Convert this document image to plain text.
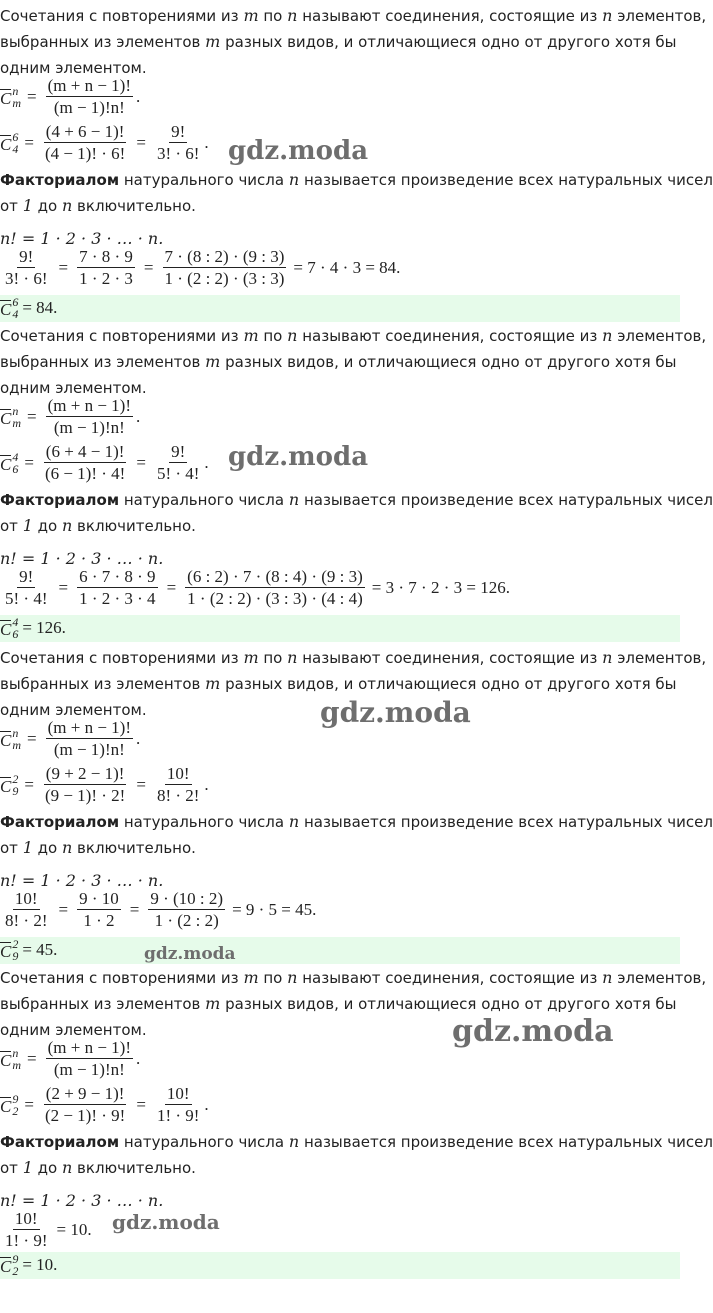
Сочетания с повторениями из m по n называют соединения, состоящие из n элементов,
выбранных из элементов m разных видов, и отличающиеся одно от другого хотя бы
одним элементом.
C n
$m = \frac{(m + n - 1)!}{(m - 1)!n!}$ .
C 6
$4 = \frac{(4 + 6 - 1)!}{(4 - 1)! \cdot 6!} = \frac{9!}{3! \cdot 6!}$ .
Факториалом натурального числа n называется произведение всех натуральных чисел
от 1 до n включительно.
n! = 1 · 2 · 3 · … · n.
$\frac{9!}{3! \cdot 6!} = \frac{7 \cdot 8 \cdot 9}{1 \cdot 2 \cdot 3} = \frac{7 \cdot (8 : 2) \cdot (9 : 3)}{1 \cdot (2 : 2) \cdot (3 : 3)} = 7 \cdot 4 \cdot 3 = 84$.
C 6
4 = 84.
Сочетания с повторениями из m по n называют соединения, состоящие из n элементов,
выбранных из элементов m разных видов, и отличающиеся одно от другого хотя бы
одним элементом.
C n
$m = \frac{(m + n - 1)!}{(m - 1)!n!}$ .
C 4
$6 = \frac{(6 + 4 - 1)!}{(6 - 1)! \cdot 4!} = \frac{9!}{5! \cdot 4!}$ .
Факториалом натурального числа n называется произведение всех натуральных чисел
от 1 до n включительно.
n! = 1 · 2 · 3 · … · n.
$\frac{9!}{5! \cdot 4!} = \frac{6 \cdot 7 \cdot 8 \cdot 9}{1 \cdot 2 \cdot 3 \cdot 4} = \frac{(6 : 2) \cdot 7 \cdot (8 : 4) \cdot (9 : 3)}{1 \cdot (2 : 2) \cdot (3 : 3) \cdot (4 : 4)} = 3 \cdot 7 \cdot 2 \cdot 3 = 126$.
C 4
6 = 126.
Сочетания с повторениями из m по n называют соединения, состоящие из n элементов,
выбранных из элементов m разных видов, и отличающиеся одно от другого хотя бы
одним элементом.
C n
$m = \frac{(m + n - 1)!}{(m - 1)!n!}$ .
C 2
$9 = \frac{(9 + 2 - 1)!}{(9 - 1)! \cdot 2!} = \frac{10!}{8! \cdot 2!}$ .
Факториалом натурального числа n называется произведение всех натуральных чисел
от 1 до n включительно.
n! = 1 · 2 · 3 · … · n.
$\frac{10!}{8! \cdot 2!} = \frac{9 \cdot 10}{1 \cdot 2} = \frac{9 \cdot (10 : 2)}{1 \cdot (2 : 2)} = 9 \cdot 5 = 45$.
C 2
9 = 45.
Сочетания с повторениями из m по n называют соединения, состоящие из n элементов,
выбранных из элементов m разных видов, и отличающиеся одно от другого хотя бы
одним элементом.
C n
$m = \frac{(m + n - 1)!}{(m - 1)!n!}$ .
C 9
$2 = \frac{(2 + 9 - 1)!}{(2 - 1)! \cdot 9!} = \frac{10!}{1! \cdot 9!}$ .
Факториалом натурального числа n называется произведение всех натуральных чисел
от 1 до n включительно.
n! = 1 · 2 · 3 · … · n.
$\frac{10!}{1! \cdot 9!} = 10$.
C 9
2 = 10.
gdz.moda
gdz.moda
gdz.moda
gdz.moda
gdz.moda
gdz.moda
